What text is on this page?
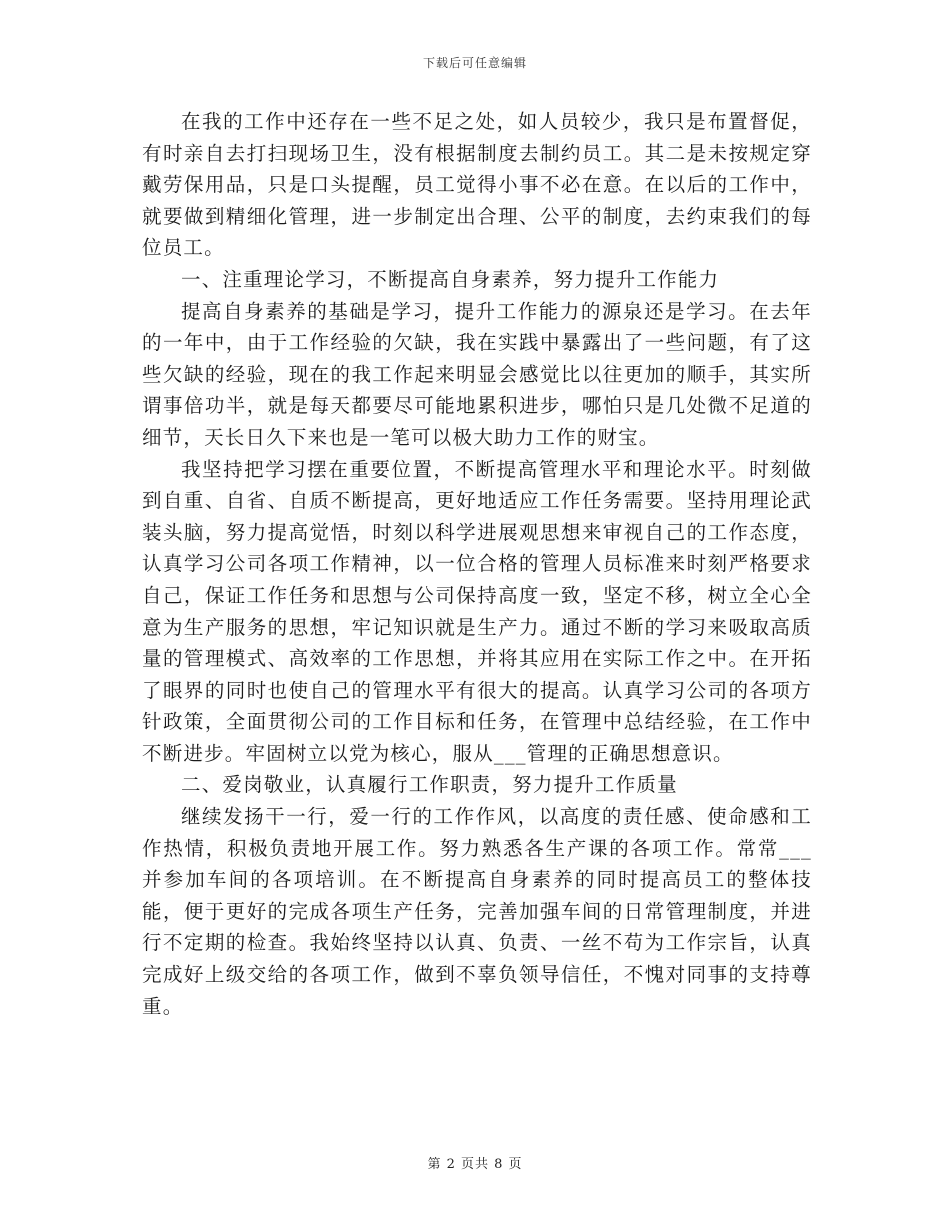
下载后可任意编辑

在我的工作中还存在一些不足之处，如人员较少，我只是布置督促，有时亲自去打扫现场卫生，没有根据制度去制约员工。其二是未按规定穿戴劳保用品，只是口头提醒，员工觉得小事不必在意。在以后的工作中，就要做到精细化管理，进一步制定出合理、公平的制度，去约束我们的每位员工。

一、注重理论学习，不断提高自身素养，努力提升工作能力

提高自身素养的基础是学习，提升工作能力的源泉还是学习。在去年的一年中，由于工作经验的欠缺，我在实践中暴露出了一些问题，有了这些欠缺的经验，现在的我工作起来明显会感觉比以往更加的顺手，其实所谓事倍功半，就是每天都要尽可能地累积进步，哪怕只是几处微不足道的细节，天长日久下来也是一笔可以极大助力工作的财宝。

我坚持把学习摆在重要位置，不断提高管理水平和理论水平。时刻做到自重、自省、自质不断提高，更好地适应工作任务需要。坚持用理论武装头脑，努力提高觉悟，时刻以科学进展观思想来审视自己的工作态度，认真学习公司各项工作精神，以一位合格的管理人员标准来时刻严格要求自己，保证工作任务和思想与公司保持高度一致，坚定不移，树立全心全意为生产服务的思想，牢记知识就是生产力。通过不断的学习来吸取高质量的管理模式、高效率的工作思想，并将其应用在实际工作之中。在开拓了眼界的同时也使自己的管理水平有很大的提高。认真学习公司的各项方针政策，全面贯彻公司的工作目标和任务，在管理中总结经验，在工作中不断进步。牢固树立以党为核心，服从___管理的正确思想意识。

二、爱岗敬业，认真履行工作职责，努力提升工作质量

继续发扬干一行，爱一行的工作作风，以高度的责任感、使命感和工作热情，积极负责地开展工作。努力熟悉各生产课的各项工作。常常___并参加车间的各项培训。在不断提高自身素养的同时提高员工的整体技能，便于更好的完成各项生产任务，完善加强车间的日常管理制度，并进行不定期的检查。我始终坚持以认真、负责、一丝不苟为工作宗旨，认真完成好上级交给的各项工作，做到不辜负领导信任，不愧对同事的支持尊重。

第 2 页共 8 页
